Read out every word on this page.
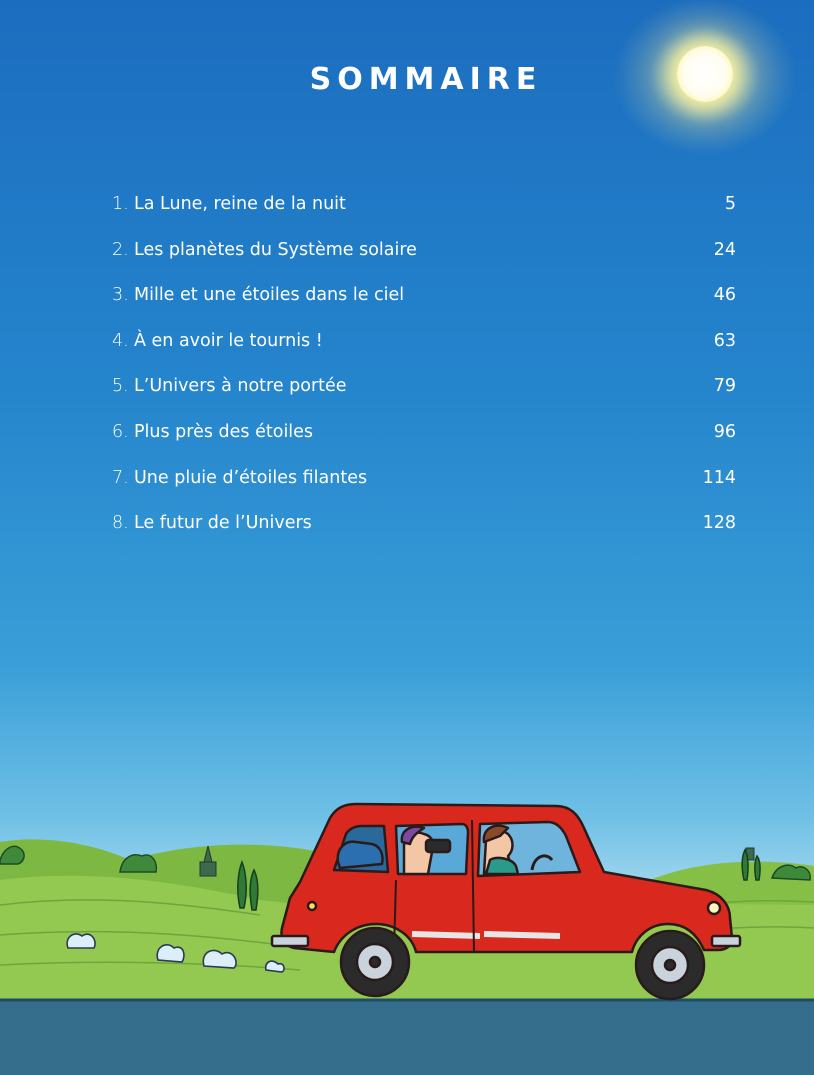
SOMMAIRE
1. La Lune, reine de la nuit	5
2. Les planètes du Système solaire	24
3. Mille et une étoiles dans le ciel	46
4. À en avoir le tournis !	63
5. L’Univers à notre portée	79
6. Plus près des étoiles	96
7. Une pluie d’étoiles filantes	114
8. Le futur de l’Univers	128
